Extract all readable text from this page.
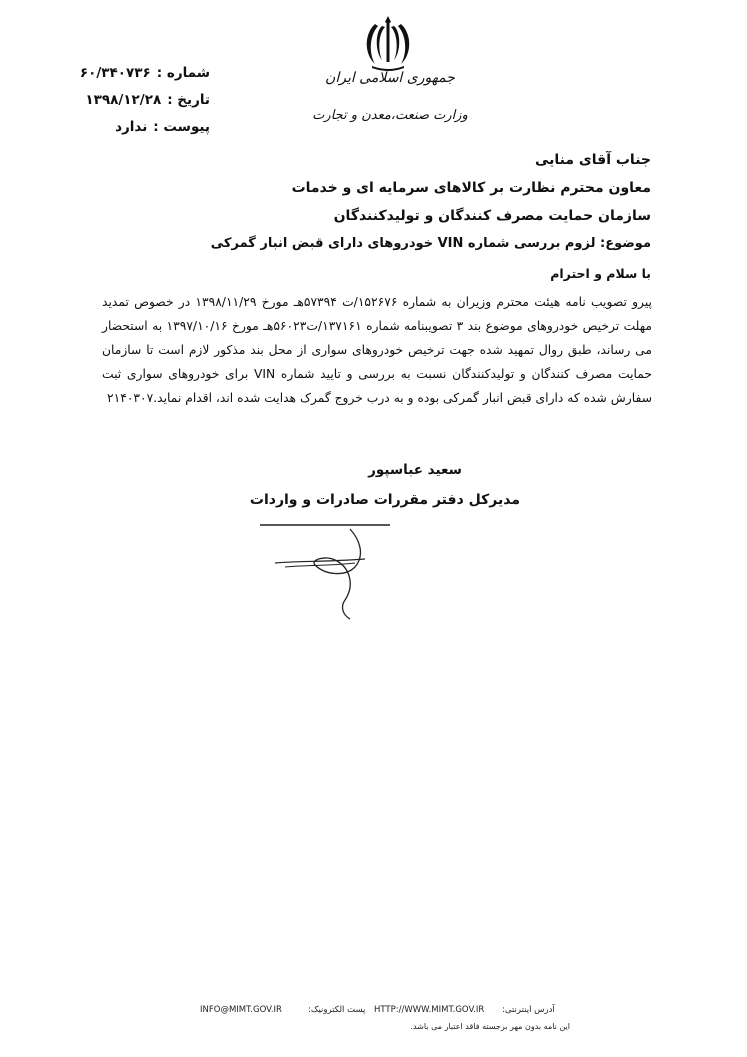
شماره :
۶۰/۳۴۰۷۳۶
تاریخ :
۱۳۹۸/۱۲/۲۸
پیوست :
ندارد
جمهوری اسلامی ایران
وزارت صنعت،معدن و تجارت
جناب آقای منایی
معاون محترم نظارت بر کالاهای سرمایه ای و خدمات
سازمان حمایت مصرف کنندگان و تولیدکنندگان
موضوع: لزوم بررسی شماره VIN خودروهای دارای قبض انبار گمرکی
با سلام و احترام
پیرو تصویب نامه هیئت محترم وزیران به شماره ۱۵۲۶۷۶/ت ۵۷۳۹۴هـ مورخ ۱۳۹۸/۱۱/۲۹ در خصوص تمدید مهلت ترخیص خودروهای موضوع بند ۳ تصویبنامه شماره ۱۳۷۱۶۱/ت۵۶۰۲۳هـ مورخ ۱۳۹۷/۱۰/۱۶ به استحضار می رساند، طبق روال تمهید شده جهت ترخیص خودروهای سواری از محل بند مذکور لازم است تا سازمان حمایت مصرف کنندگان و تولیدکنندگان نسبت به بررسی و تایید شماره VIN برای خودروهای سواری ثبت سفارش شده که دارای قبض انبار گمرکی بوده و به درب خروج گمرک هدایت شده اند، اقدام نماید.۲۱۴۰۳۰۷
سعید عباسپور
مدیرکل دفتر مقررات صادرات و واردات
INFO@MIMT.GOV.IR	پست الکترونیک: HTTP://WWW.MIMT.GOV.IR آدرس اینترنتی:
این نامه بدون مهر برجسته فاقد اعتبار می باشد.
